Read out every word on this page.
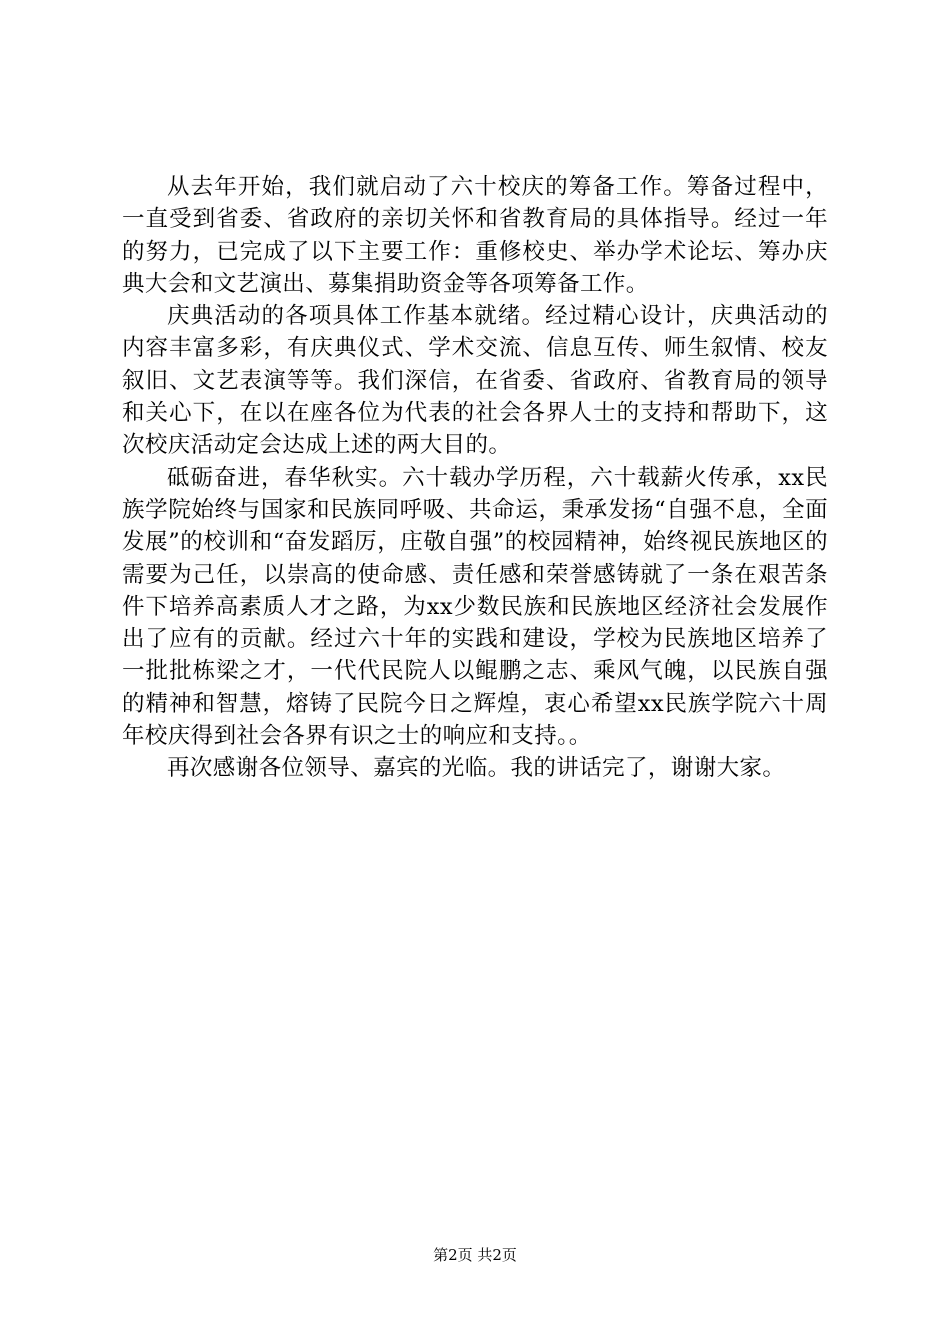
从去年开始，我们就启动了六十校庆的筹备工作。筹备过程中，一直受到省委、省政府的亲切关怀和省教育局的具体指导。经过一年的努力，已完成了以下主要工作：重修校史、举办学术论坛、筹办庆典大会和文艺演出、募集捐助资金等各项筹备工作。

庆典活动的各项具体工作基本就绪。经过精心设计，庆典活动的内容丰富多彩，有庆典仪式、学术交流、信息互传、师生叙情、校友叙旧、文艺表演等等。我们深信，在省委、省政府、省教育局的领导和关心下，在以在座各位为代表的社会各界人士的支持和帮助下，这次校庆活动定会达成上述的两大目的。

砥砺奋进，春华秋实。六十载办学历程，六十载薪火传承，xx民族学院始终与国家和民族同呼吸、共命运，秉承发扬“自强不息，全面发展”的校训和“奋发蹈厉，庄敬自强”的校园精神，始终视民族地区的需要为己任，以崇高的使命感、责任感和荣誉感铸就了一条在艰苦条件下培养高素质人才之路，为xx少数民族和民族地区经济社会发展作出了应有的贡献。经过六十年的实践和建设，学校为民族地区培养了一批批栋梁之才，一代代民院人以鲲鹏之志、乘风气魄，以民族自强的精神和智慧，熔铸了民院今日之辉煌，衷心希望xx民族学院六十周年校庆得到社会各界有识之士的响应和支持。。

再次感谢各位领导、嘉宾的光临。我的讲话完了，谢谢大家。

第2页 共2页
